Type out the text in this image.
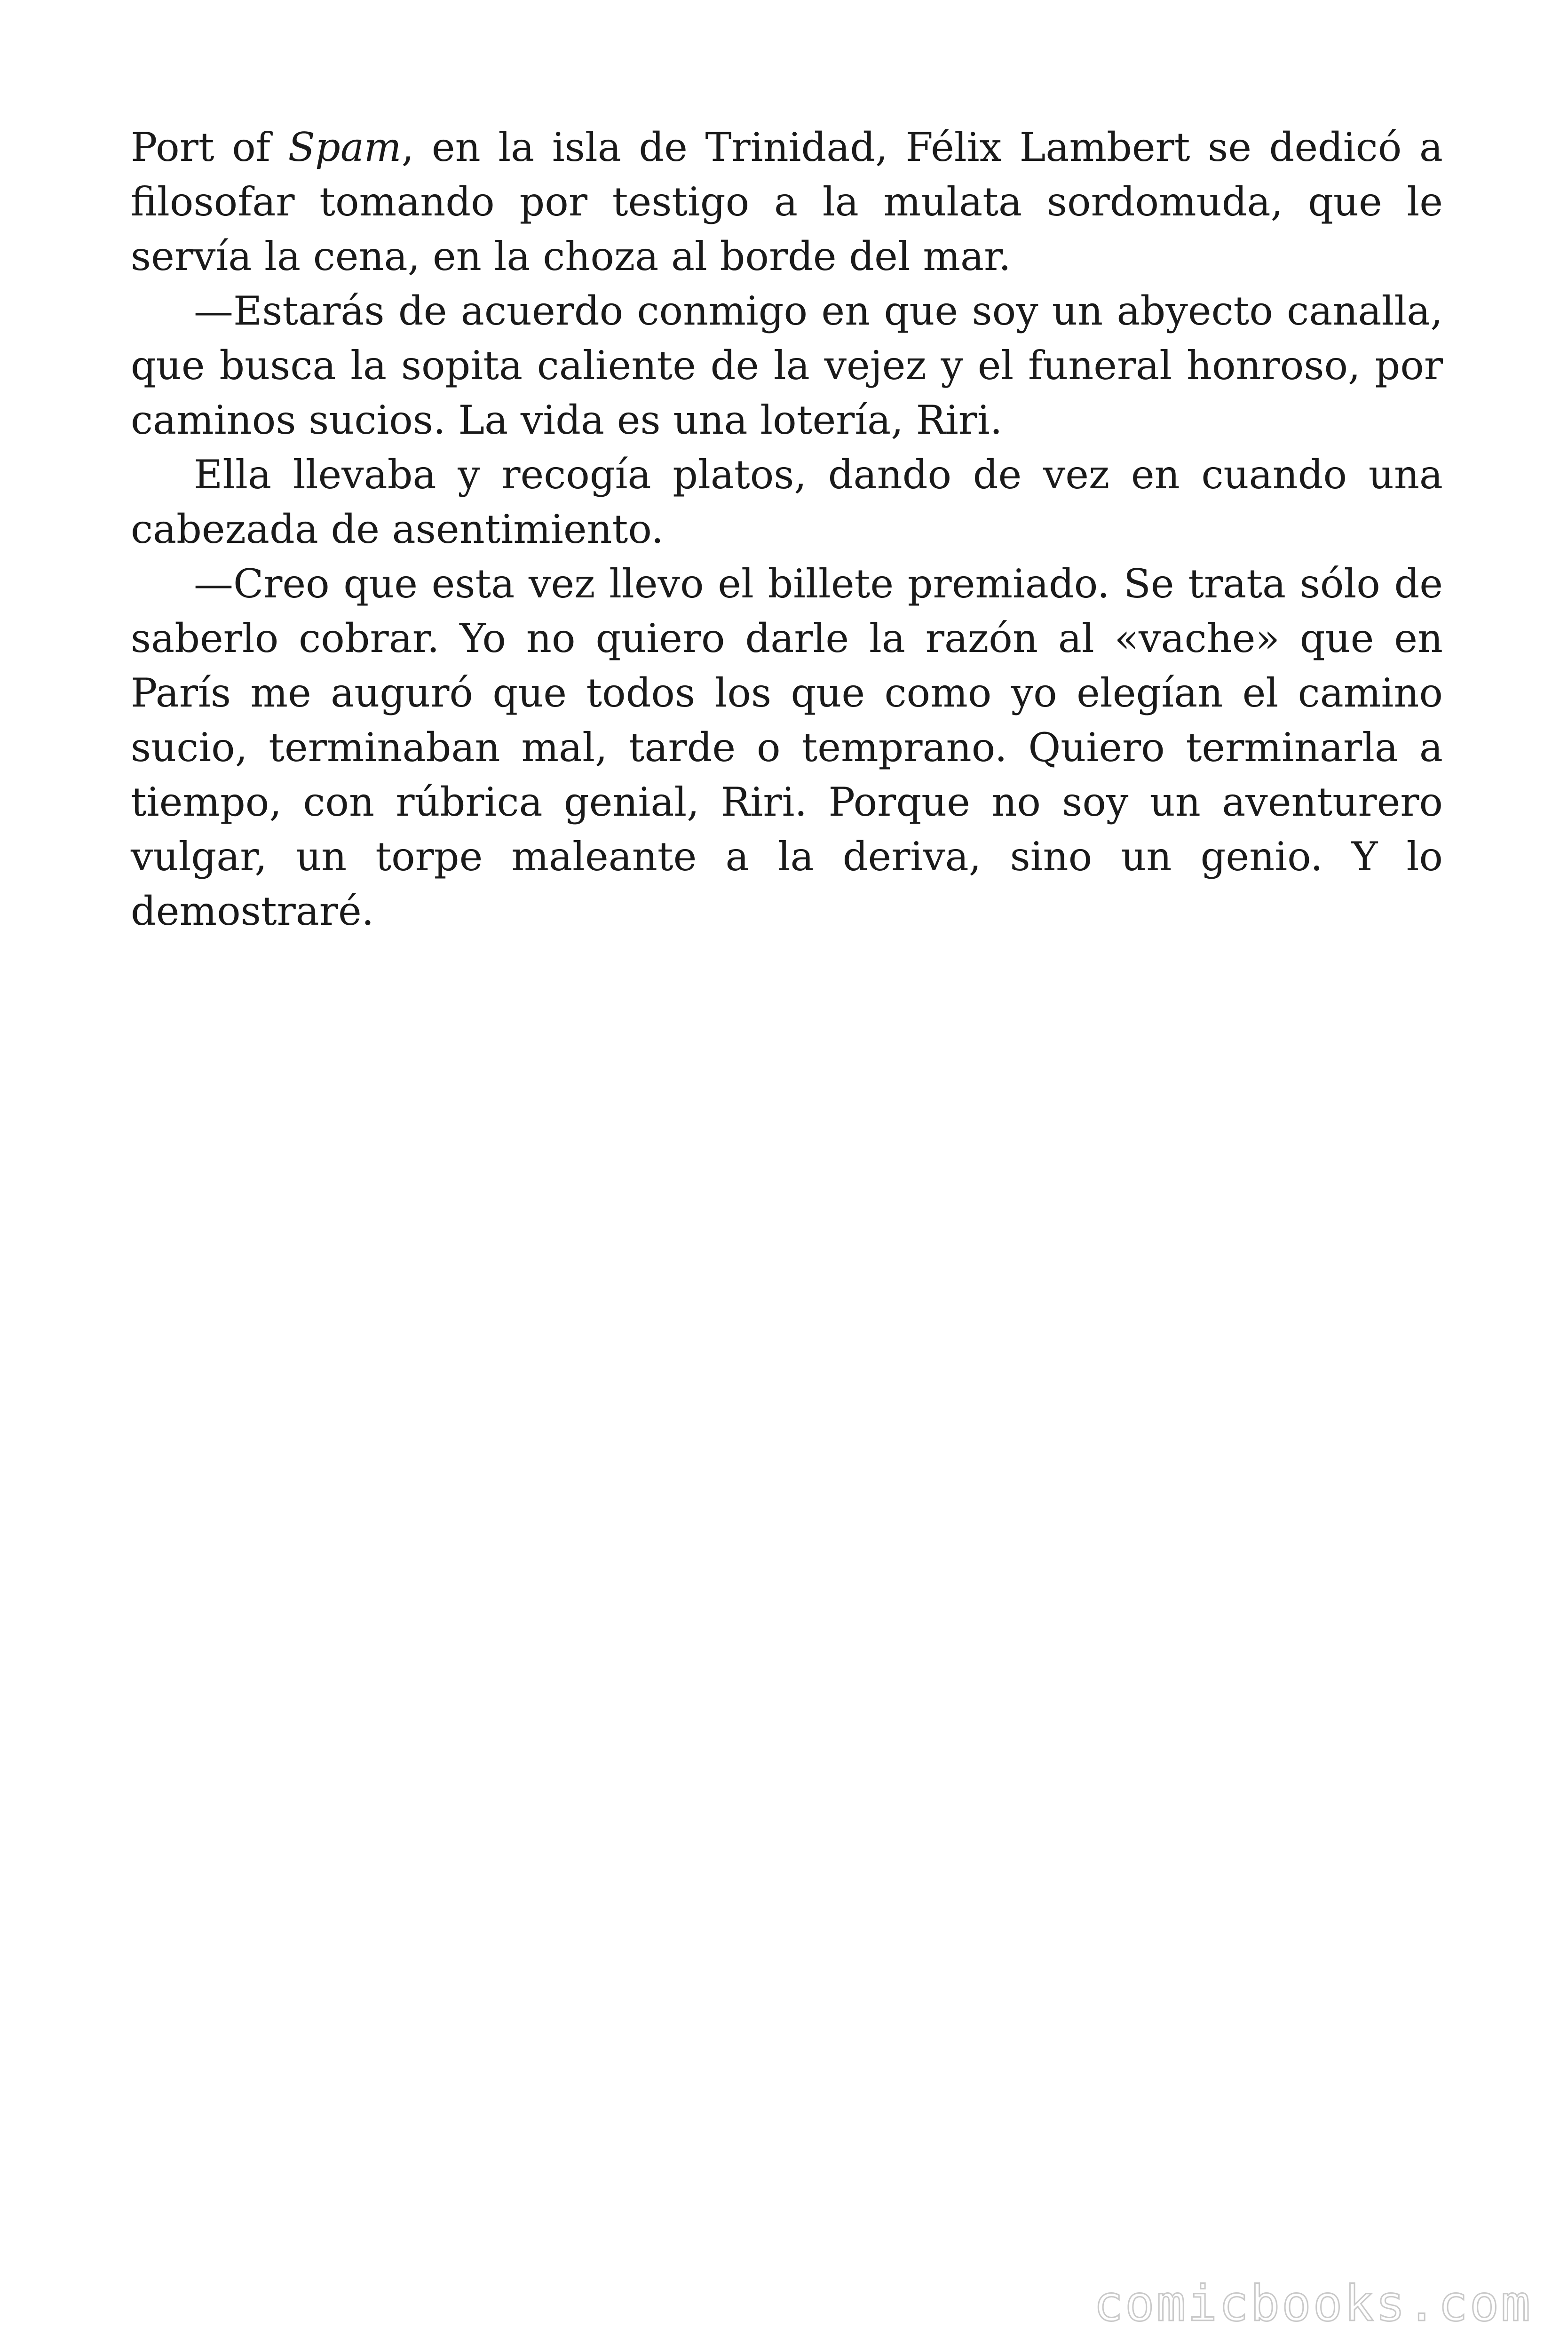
Port of Spam, en la isla de Trinidad, Félix Lambert se dedicó a filosofar tomando por testigo a la mulata sordomuda, que le servía la cena, en la choza al borde del mar.

—Estarás de acuerdo conmigo en que soy un abyecto canalla, que busca la sopita caliente de la vejez y el funeral honroso, por caminos sucios. La vida es una lotería, Riri.

Ella llevaba y recogía platos, dando de vez en cuando una cabezada de asentimiento.

—Creo que esta vez llevo el billete premiado. Se trata sólo de saberlo cobrar. Yo no quiero darle la razón al «vache» que en París me auguró que todos los que como yo elegían el camino sucio, terminaban mal, tarde o temprano. Quiero terminarla a tiempo, con rúbrica genial, Riri. Porque no soy un aventurero vulgar, un torpe maleante a la deriva, sino un genio. Y lo demostraré.

comicbooks.com
